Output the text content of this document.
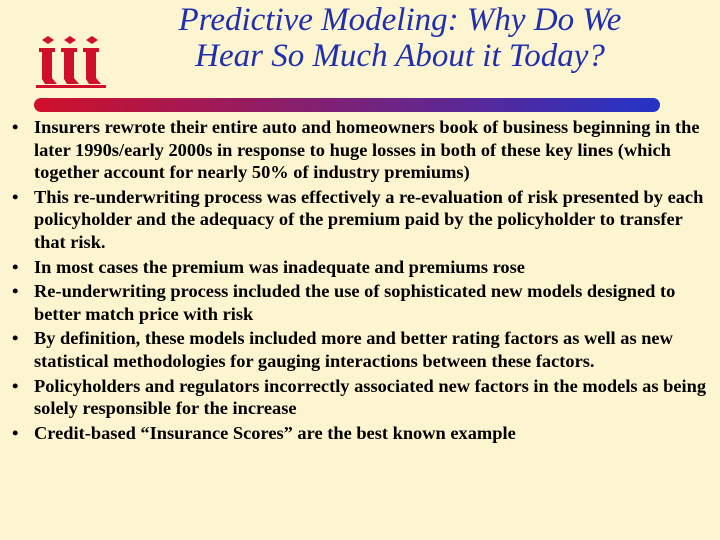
Predictive Modeling: Why Do We
Hear So Much About it Today?
• Insurers rewrote their entire auto and homeowners book of business beginning in the later 1990s/early 2000s in response to huge losses in both of these key lines (which together account for nearly 50% of industry premiums)
• This re-underwriting process was effectively a re-evaluation of risk presented by each policyholder and the adequacy of the premium paid by the policyholder to transfer that risk.
• In most cases the premium was inadequate and premiums rose
• Re-underwriting process included the use of sophisticated new models designed to better match price with risk
• By definition, these models included more and better rating factors as well as new statistical methodologies for gauging interactions between these factors.
• Policyholders and regulators incorrectly associated new factors in the models as being solely responsible for the increase
• Credit-based “Insurance Scores” are the best known example
